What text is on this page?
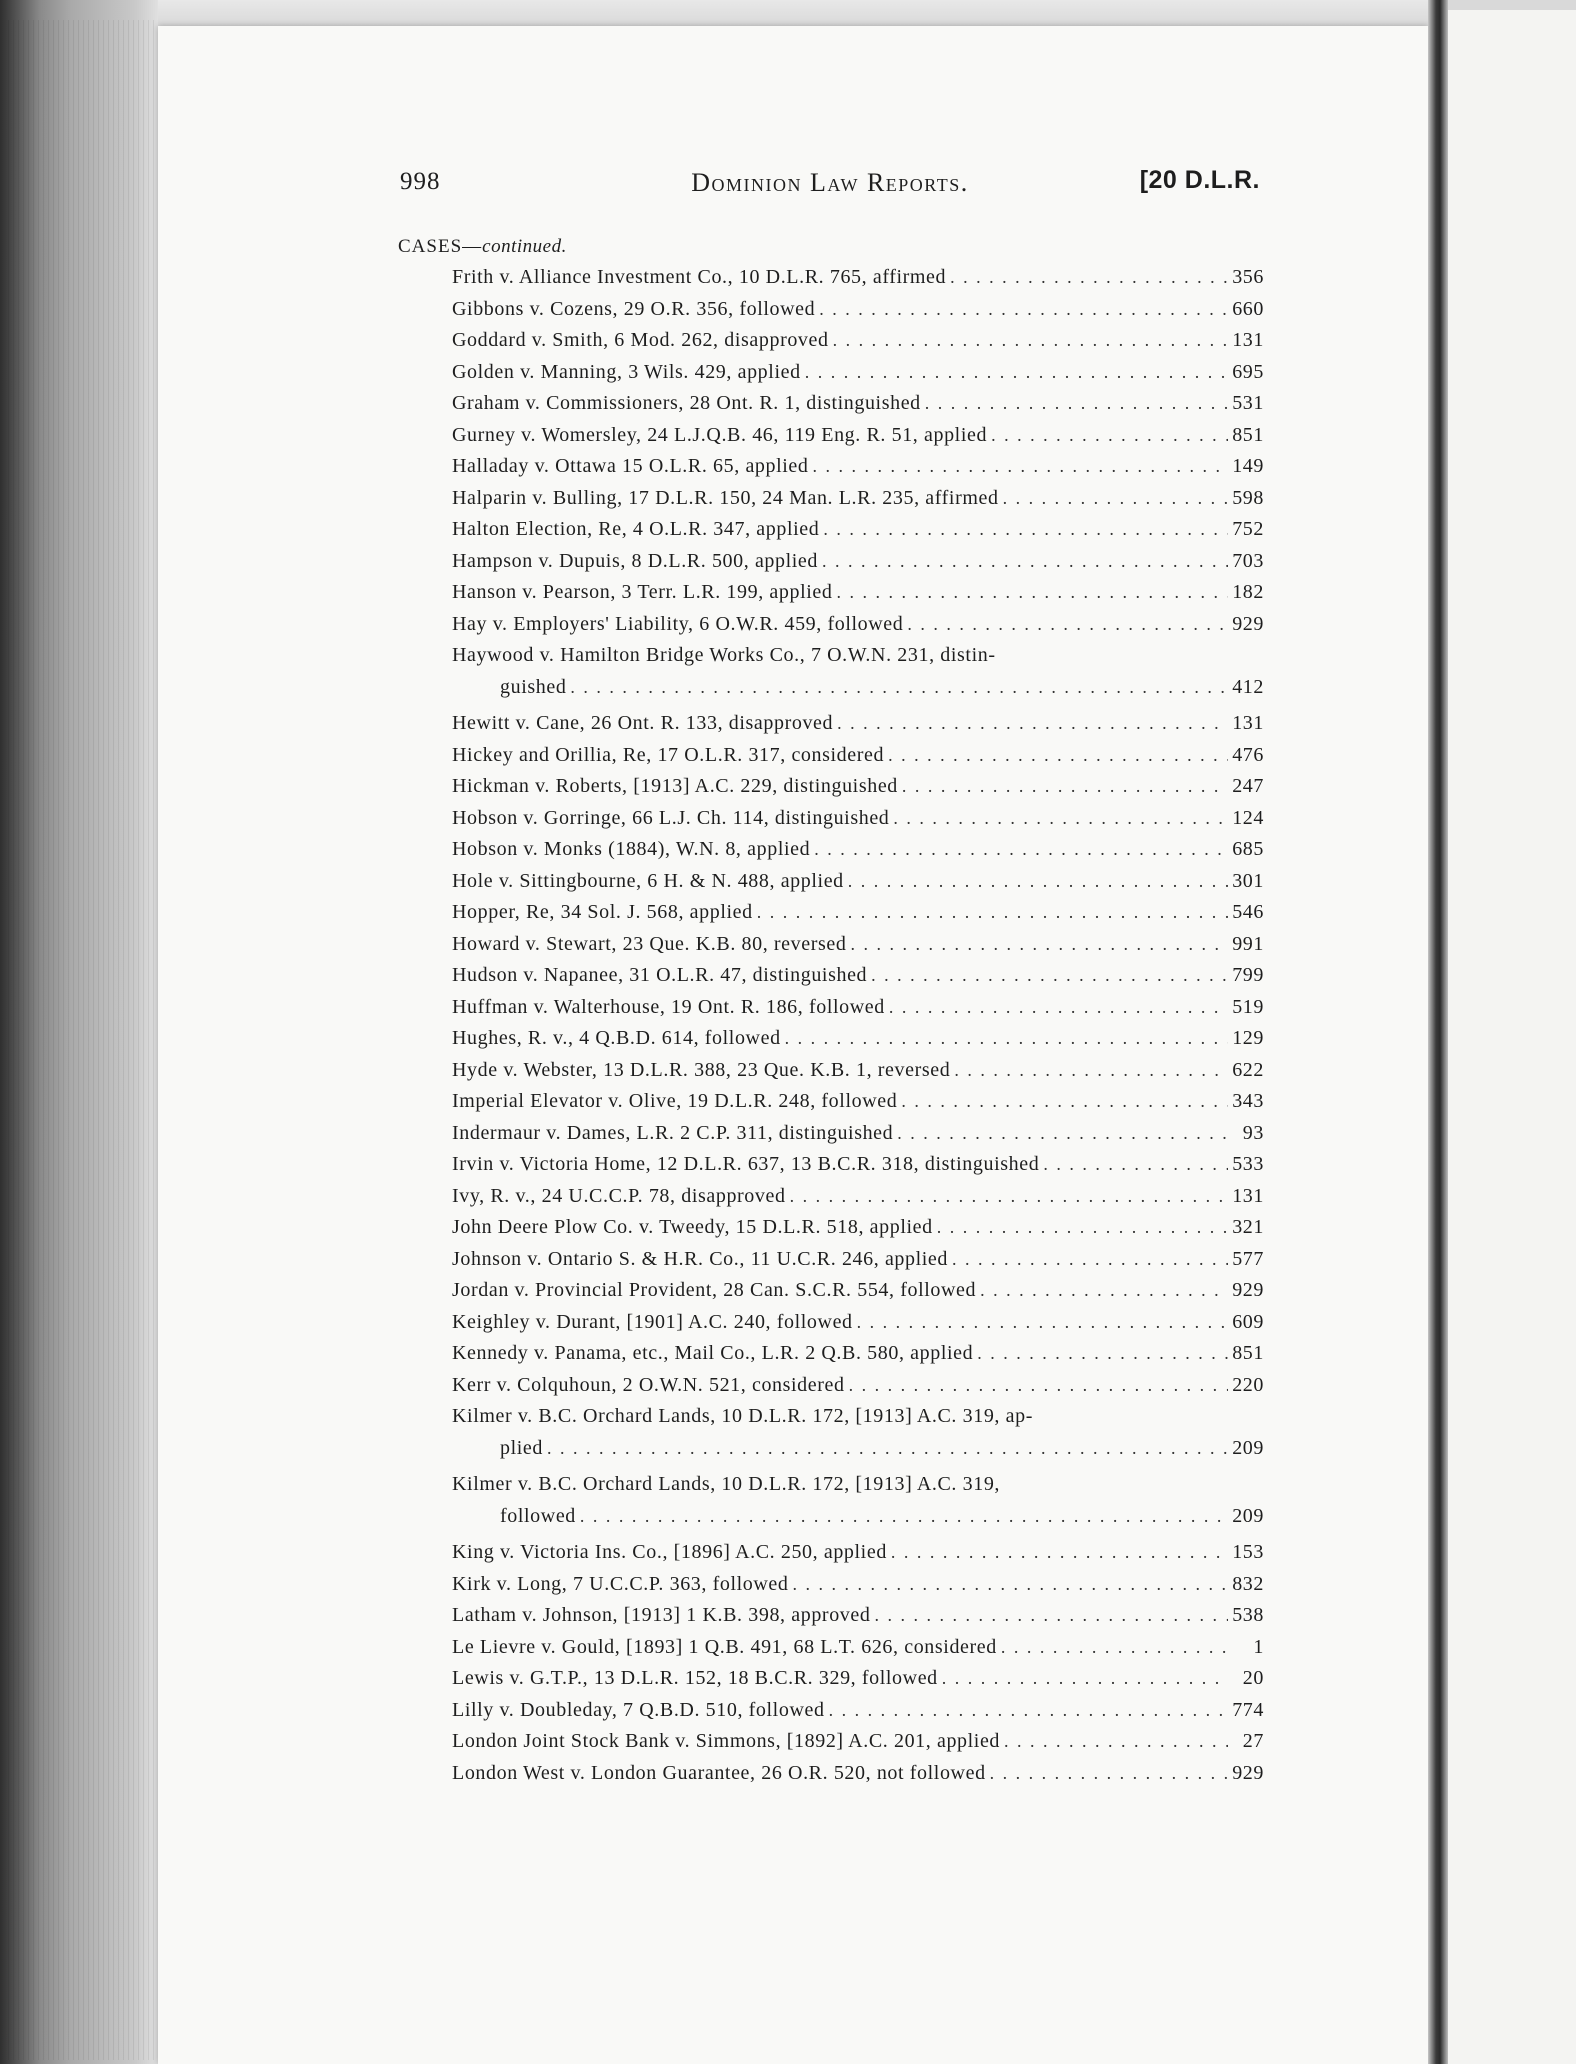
998	Dominion Law Reports.	[20 D.L.R.
CASES—continued.
Frith v. Alliance Investment Co., 10 D.L.R. 765, affirmed . . .	356
Gibbons v. Cozens, 29 O.R. 356, followed . . .	660
Goddard v. Smith, 6 Mod. 262, disapproved . . .	131
Golden v. Manning, 3 Wils. 429, applied . . .	695
Graham v. Commissioners, 28 Ont. R. 1, distinguished . . .	531
Gurney v. Womersley, 24 L.J.Q.B. 46, 119 Eng. R. 51, applied . . .	851
Halladay v. Ottawa 15 O.L.R. 65, applied . . .	149
Halparin v. Bulling, 17 D.L.R. 150, 24 Man. L.R. 235, affirmed . . .	598
Halton Election, Re, 4 O.L.R. 347, applied . . .	752
Hampson v. Dupuis, 8 D.L.R. 500, applied . . .	703
Hanson v. Pearson, 3 Terr. L.R. 199, applied . . .	182
Hay v. Employers' Liability, 6 O.W.R. 459, followed . . .	929
Haywood v. Hamilton Bridge Works Co., 7 O.W.N. 231, distin-
guished . . .	412
Hewitt v. Cane, 26 Ont. R. 133, disapproved . . .	131
Hickey and Orillia, Re, 17 O.L.R. 317, considered . . .	476
Hickman v. Roberts, [1913] A.C. 229, distinguished . . .	247
Hobson v. Gorringe, 66 L.J. Ch. 114, distinguished . . .	124
Hobson v. Monks (1884), W.N. 8, applied . . .	685
Hole v. Sittingbourne, 6 H. & N. 488, applied . . .	301
Hopper, Re, 34 Sol. J. 568, applied . . .	546
Howard v. Stewart, 23 Que. K.B. 80, reversed . . .	991
Hudson v. Napanee, 31 O.L.R. 47, distinguished . . .	799
Huffman v. Walterhouse, 19 Ont. R. 186, followed . . .	519
Hughes, R. v., 4 Q.B.D. 614, followed . . .	129
Hyde v. Webster, 13 D.L.R. 388, 23 Que. K.B. 1, reversed . . .	622
Imperial Elevator v. Olive, 19 D.L.R. 248, followed . . .	343
Indermaur v. Dames, L.R. 2 C.P. 311, distinguished . . .	93
Irvin v. Victoria Home, 12 D.L.R. 637, 13 B.C.R. 318, distinguished . . .	533
Ivy, R. v., 24 U.C.C.P. 78, disapproved . . .	131
John Deere Plow Co. v. Tweedy, 15 D.L.R. 518, applied . . .	321
Johnson v. Ontario S. & H.R. Co., 11 U.C.R. 246, applied . . .	577
Jordan v. Provincial Provident, 28 Can. S.C.R. 554, followed . . .	929
Keighley v. Durant, [1901] A.C. 240, followed . . .	609
Kennedy v. Panama, etc., Mail Co., L.R. 2 Q.B. 580, applied . . .	851
Kerr v. Colquhoun, 2 O.W.N. 521, considered . . .	220
Kilmer v. B.C. Orchard Lands, 10 D.L.R. 172, [1913] A.C. 319, ap-
plied . . .	209
Kilmer v. B.C. Orchard Lands, 10 D.L.R. 172, [1913] A.C. 319,
followed . . .	209
King v. Victoria Ins. Co., [1896] A.C. 250, applied . . .	153
Kirk v. Long, 7 U.C.C.P. 363, followed . . .	832
Latham v. Johnson, [1913] 1 K.B. 398, approved . . .	538
Le Lievre v. Gould, [1893] 1 Q.B. 491, 68 L.T. 626, considered . . .	1
Lewis v. G.T.P., 13 D.L.R. 152, 18 B.C.R. 329, followed . . .	20
Lilly v. Doubleday, 7 Q.B.D. 510, followed . . .	774
London Joint Stock Bank v. Simmons, [1892] A.C. 201, applied . . .	27
London West v. London Guarantee, 26 O.R. 520, not followed . . .	929
